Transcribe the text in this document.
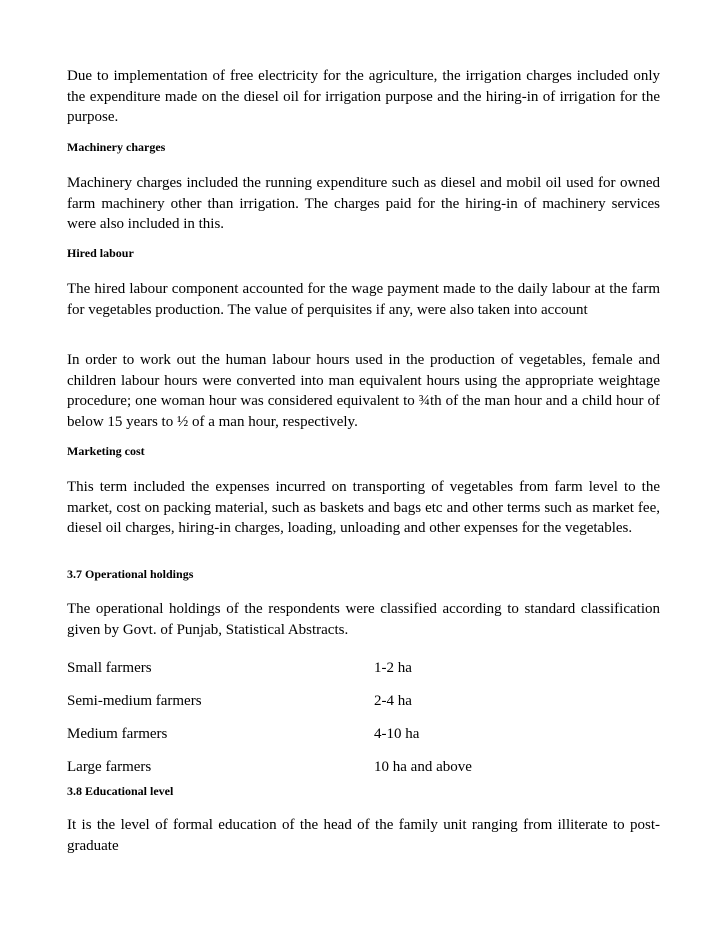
Due to implementation of free electricity for the agriculture, the irrigation charges included only the expenditure made on the diesel oil for irrigation purpose and the hiring-in of irrigation for the purpose.

Machinery charges

Machinery charges included the running expenditure such as diesel and mobil oil used for owned farm machinery other than irrigation. The charges paid for the hiring-in of machinery services were also included in this.

Hired labour

The hired labour component accounted for the wage payment made to the daily labour at the farm for vegetables production. The value of perquisites if any, were also taken into account

In order to work out the human labour hours used in the production of vegetables, female and children labour hours were converted into man equivalent hours using the appropriate weightage procedure; one woman hour was considered equivalent to ¾th of the man hour and a child hour of below 15 years to ½ of a man hour, respectively.

Marketing cost

This term included the expenses incurred on transporting of vegetables from farm level to the market, cost on packing material, such as baskets and bags etc and other terms such as market fee, diesel oil charges, hiring-in charges, loading, unloading and other expenses for the vegetables.

3.7 Operational holdings

The operational holdings of the respondents were classified according to standard classification given by Govt. of Punjab, Statistical Abstracts.

Small farmers	1-2 ha
Semi-medium farmers	2-4 ha
Medium farmers	4-10 ha
Large farmers	10 ha and above

3.8 Educational level

It is the level of formal education of the head of the family unit ranging from illiterate to post-graduate
